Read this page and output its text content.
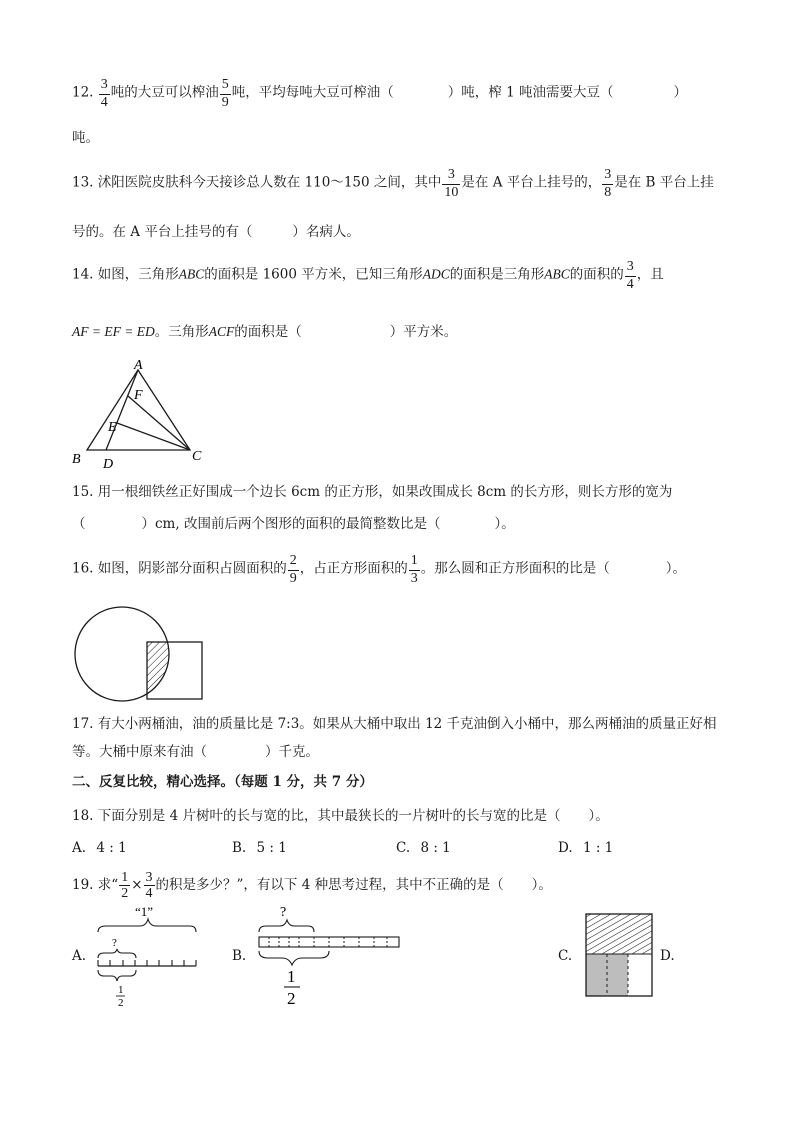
12. $\frac{3}{4}$ 吨的大豆可以榨油 $\frac{5}{9}$ 吨，平均每吨大豆可榨油（	）吨，榨 1 吨油需要大豆（	）
吨。
13. 沭阳医院皮肤科今天接诊总人数在 110～150 之间，其中 $\frac{3}{10}$ 是在 A 平台上挂号的， $\frac{3}{8}$ 是在 B 平台上挂
号的。在 A 平台上挂号的有（	）名病人。
14. 如图，三角形ABC的面积是 1600 平方米，已知三角形ADC的面积是三角形ABC的面积的 $\frac{3}{4}$ ，且
AF = EF = ED。三角形ACF的面积是（	）平方米。
A
F
E
B D
C
15. 用一根细铁丝正好围成一个边长 6cm 的正方形，如果改围成长 8cm 的长方形，则长方形的宽为
（	）cm, 改围前后两个图形的面积的最简整数比是（	）。
16. 如图，阴影部分面积占圆面积的 $\frac{2}{9}$ ，占正方形面积的 $\frac{1}{3}$ 。那么圆和正方形面积的比是（	）。
17. 有大小两桶油，油的质量比是 7:3。如果从大桶中取出 12 千克油倒入小桶中，那么两桶油的质量正好相
等。大桶中原来有油（	）千克。
二、反复比较，精心选择。（每题 1 分，共 7 分）
18. 下面分别是 4 片树叶的长与宽的比，其中最狭长的一片树叶的长与宽的比是（ ）。
A. 4 : 1	B. 5 : 1	C. 8 : 1	D. 1 : 1
19. 求“ $\frac{1}{2} \times \frac{3}{4}$ 的积是多少？”，有以下 4 种思考过程，其中不正确的是（ ）。
A.
“1”
?
1
2
B.
?
1
2
C.	D.
